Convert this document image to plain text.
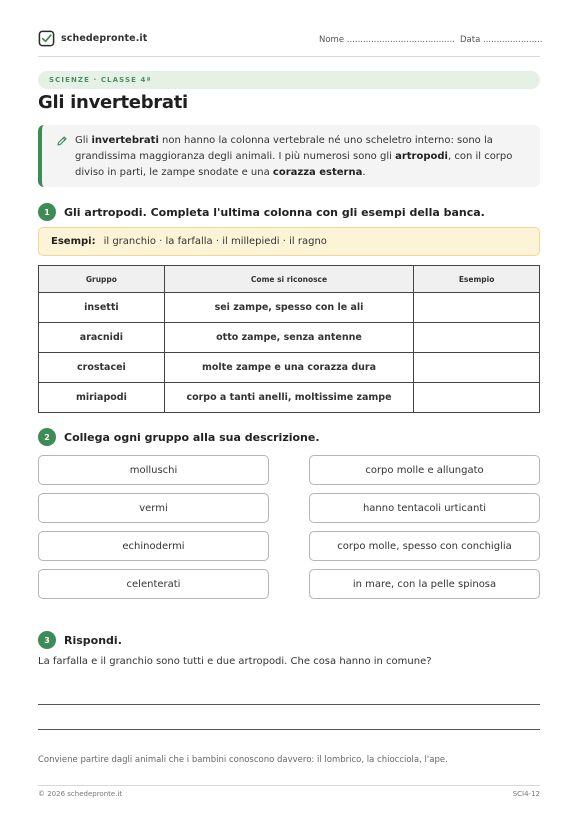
schedepronte.it	Nome ........................................ Data ......................
SCIENZE · CLASSE 4ª
Gli invertebrati

Gli invertebrati non hanno la colonna vertebrale né uno scheletro interno: sono la grandissima maggioranza degli animali. I più numerosi sono gli artropodi, con il corpo diviso in parti, le zampe snodate e una corazza esterna.

1	Gli artropodi. Completa l'ultima colonna con gli esempi della banca.
Esempi: il granchio · la farfalla · il millepiedi · il ragno
Gruppo	Come si riconosce	Esempio
insetti	sei zampe, spesso con le ali	
aracnidi	otto zampe, senza antenne	
crostacei	molte zampe e una corazza dura	
miriapodi	corpo a tanti anelli, moltissime zampe	
2	Collega ogni gruppo alla sua descrizione.
molluschi
vermi
echinodermi
celenterati
corpo molle e allungato
hanno tentacoli urticanti
corpo molle, spesso con conchiglia
in mare, con la pelle spinosa
3	Rispondi.

La farfalla e il granchio sono tutti e due artropodi. Che cosa hanno in comune?

Conviene partire dagli animali che i bambini conoscono davvero: il lombrico, la chiocciola, l'ape.

© 2026 schedepronte.it	SCI4-12
